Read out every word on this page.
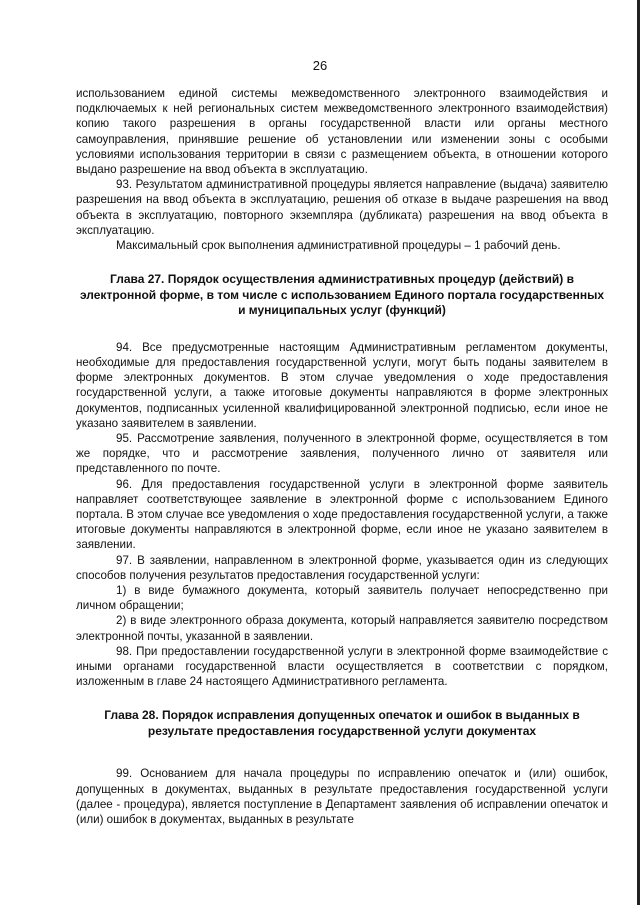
26

использованием единой системы межведомственного электронного взаимодействия и подключаемых к ней региональных систем межведомственного электронного взаимодействия) копию такого разрешения в органы государственной власти или органы местного самоуправления, принявшие решение об установлении или изменении зоны с особыми условиями использования территории в связи с размещением объекта, в отношении которого выдано разрешение на ввод объекта в эксплуатацию.

93. Результатом административной процедуры является направление (выдача) заявителю разрешения на ввод объекта в эксплуатацию, решения об отказе в выдаче разрешения на ввод объекта в эксплуатацию, повторного экземпляра (дубликата) разрешения на ввод объекта в эксплуатацию.

Максимальный срок выполнения административной процедуры – 1 рабочий день.

Глава 27. Порядок осуществления административных процедур (действий) в электронной форме, в том числе с использованием Единого портала государственных и муниципальных услуг (функций)

94. Все предусмотренные настоящим Административным регламентом документы, необходимые для предоставления государственной услуги, могут быть поданы заявителем в форме электронных документов. В этом случае уведомления о ходе предоставления государственной услуги, а также итоговые документы направляются в форме электронных документов, подписанных усиленной квалифицированной электронной подписью, если иное не указано заявителем в заявлении.

95. Рассмотрение заявления, полученного в электронной форме, осуществляется в том же порядке, что и рассмотрение заявления, полученного лично от заявителя или представленного по почте.

96. Для предоставления государственной услуги в электронной форме заявитель направляет соответствующее заявление в электронной форме с использованием Единого портала. В этом случае все уведомления о ходе предоставления государственной услуги, а также итоговые документы направляются в электронной форме, если иное не указано заявителем в заявлении.

97. В заявлении, направленном в электронной форме, указывается один из следующих способов получения результатов предоставления государственной услуги:

1) в виде бумажного документа, который заявитель получает непосредственно при личном обращении;

2) в виде электронного образа документа, который направляется заявителю посредством электронной почты, указанной в заявлении.

98. При предоставлении государственной услуги в электронной форме взаимодействие с иными органами государственной власти осуществляется в соответствии с порядком, изложенным в главе 24 настоящего Административного регламента.

Глава 28. Порядок исправления допущенных опечаток и ошибок в выданных в результате предоставления государственной услуги документах

99. Основанием для начала процедуры по исправлению опечаток и (или) ошибок, допущенных в документах, выданных в результате предоставления государственной услуги (далее - процедура), является поступление в Департамент заявления об исправлении опечаток и (или) ошибок в документах, выданных в результате
